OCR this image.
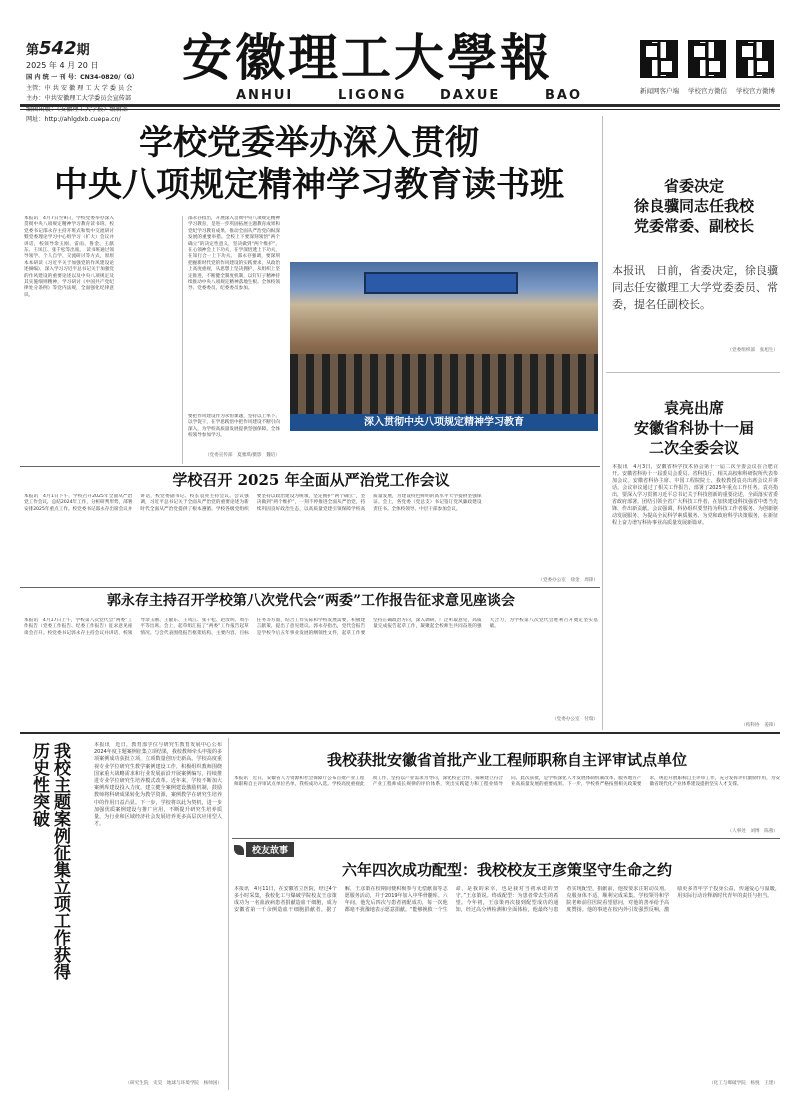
第542期
2025 年 4 月 20 日
国 内 统 一 刊 号：CN34-0820/（G）
主管：中 共 安 徽 理 工 大 学 委 员 会
主办：中共安徽理工大学委员会宣传部
网址：http://ahlgdxb.cuepa.cn/
安徽理工大學報
ANHUI	LIGONG	DAXUE	BAO	新闻网客户端 学校官方微信 学校官方微博
学校党委举办深入贯彻
中央八项规定精神学习教育读书班
本报讯　4月7日至9日，学校党委举办深入贯彻中央八项规定精神学习教育读书班。校党委书记邵永存主持开班式和集中交流研讨暨党委理论学习中心组学习（扩大）会议并讲话，校领导余玉刚、雷雨、鲁金、王献东、王凤江、张千松等出席。　读书班通过领导领学、个人自学、交流研讨等方式，原原本本研读《习近平关于加强党的作风建设论述摘编》，深入学习习近平总书记关于加强党的作风建设的重要论述以及中央八项规定及其实施细则精神，学习研讨《中国共产党纪律处分条例》等党内法规，全面强化纪律意识。
邵永存指出，开展深入贯彻中央八项规定精神学习教育，是进一步巩固拓展主题教育成果和党纪学习教育成果、推动全面从严治党向纵深发展的重要举措。全校上下要深刻领悟“两个确立”的决定性意义，坚决做到“两个维护”，在心领神会上下功夫，在学深悟透上下功夫，在知行合一上下功夫。　邵永存强调，要深刻把握新时代党的作风建设的实践要求，从政治上高度重视，从思想上坚决拥护，从组织上坚定推进，不断健全制度机制，以钉钉子精神持续推动中央八项规定精神落地生根。全体校领导、党委委员、纪委委员参加。
深入贯彻中央八项规定精神学习教育
要把作风建设作为永恒课题，坚持以上率下、以学促干，在学思践悟中把作风建设不断引向深入，为学校高质量发展提供坚强保障。全体校领导参加学习。
（党委宣传部　夏雅琪/摄影　魏培）
省委决定
徐良骥同志任我校
党委常委、副校长
本报讯　日前，省委决定，徐良骥同志任安徽理工大学党委委员、常委，提名任副校长。
（党委组织部　张旭生）
袁亮出席
安徽省科协十一届
二次全委会议
本报讯　4月3日，安徽省科学技术协会第十一届二次全委会议在合肥召开。安徽省科协十一届委员会委员、省科技厅、相关高校和科研院所代表参加会议。安徽省科协主席、中国工程院院士、我校教授袁亮出席会议并讲话。会议审议通过了相关工作报告，部署了2025年重点工作任务。袁亮指出，要深入学习贯彻习近平总书记关于科技创新的重要论述，全面落实省委省政府部署，团结引领全省广大科技工作者，在加快建设科技强省中勇当先锋、作出新贡献。会议强调，科协组织要坚持为科技工作者服务、为创新驱动发展服务、为提高全民科学素质服务、为党和政府科学决策服务，在新征程上奋力谱写科协事业高质量发展新篇章。
（校科协　姜锋）
学校召开 2025 年全面从严治党工作会议
本报讯　4月1日下午，学校召开2025年全面从严治党工作会议，总结2024年工作，分析研判形势，部署安排2025年重点工作。校党委书记邵永存出席会议并讲话，校党委副书记、校长袁亮主持会议。会议强调，习近平总书记关于全面从严治党的重要论述为新时代全面从严治党提供了根本遵循。学校各级党组织要坚持以政治建设为统领，坚定拥护“两个确立”，坚决做到“两个维护”，一刻不停推进全面从严治党，持续巩固良好政治生态，以高质量党建引领保障学校高质量发展，为建设特色鲜明的高水平大学提供坚强保证。会上，各党委（党总支）书记签订党风廉政建设责任书。全体校领导、中层干部参加会议。
（党委办公室　徐金　周锋）
郭永存主持召开学校第八次党代会“两委”工作报告征求意见座谈会
本报讯　4月17日上午，学校第八次党代会“两委”工作报告（党委工作报告、纪委工作报告）征求意见座谈会召开。校党委书记郭永存主持会议并讲话，校领导余玉刚、王献东、王凤江、张千松、赵汝明、周小平等出席。会上，起草组汇报了“两委”工作报告起草情况。与会代表围绕报告框架结构、主要内容、目标任务等方面，结合工作实际和学校发展需要，积极建言献策，提出了意见建议。郭永存指出，党代会报告是学校今后五年事业发展的纲领性文件，起草工作要坚持正确政治方向，深入调研、广泛听取意见，高质量完成报告起草工作，凝聚起全校师生共同奋进的强大合力，为学校第八次党代会胜利召开奠定坚实基础。
（党委办公室　付瑞）
我校主题案例征集立项工作获得历史性突破	本报讯　近日，教育部学位与研究生教育发展中心公布2024年度主题案例征集立项结果，我校教师牵头申报的多项案例成功获批立项，立项数量创历史新高。学校高度重视专业学位研究生教学案例建设工作，积极组织教师围绕国家重大战略需求和行业发展前沿开展案例编写，持续推进专业学位研究生培养模式改革。近年来，学校不断加大案例库建设投入力度，建立健全案例建设激励机制，鼓励教师将科研成果转化为教学资源，案例教学在研究生培养中的作用日益凸显。下一步，学校将以此为契机，进一步加强优质案例建设与推广应用，不断提升研究生培养质量，为行业和区域经济社会发展培养更多高层次应用型人才。
（研究生院　史昊　地球与环境学院　杨帅国）
我校获批安徽省首批产业工程师职称自主评审试点单位
本报讯　近日，安徽省人力资源和社会保障厅公布首批产业工程师职称自主评审试点单位名单，我校成功入选。学校高度重视此项工作，坚持以产业需求为导向，深化校企合作，探索建立符合产业工程师成长规律的评价体系，突出实践能力和工程业绩导向。此次获批，是学校深化人才发展体制机制改革、服务地方产业高质量发展的重要成果。下一步，学校将严格按照相关政策要求，规范开展职称自主评审工作，充分发挥评价激励作用，为安徽省现代化产业体系建设提供坚实人才支撑。
（人事处　刘博　陈燕）
校友故事
六年四次成功配型：我校校友王彦策坚守生命之约
本报讯　4月11日，在安徽省立医院，经过4个多小时采集，我校化工与爆破学院校友王彦策成功为一名血液病患者捐献造血干细胞，成为安徽省第一千余例造血干细胞捐献者。据了解，王彦策在校期间便积极参与无偿献血等志愿服务活动，并于2019年加入中华骨髓库。六年间，他先后四次与患者初配成功，每一次他都毫不犹豫地表示愿意捐献。“能够挽救一个生命，是我的荣幸，也是我对当初承诺的坚守。”王彦策说。终成配型：为患者带去生的希望。今年初，王彦策再次接到配型成功的通知，经过高分辨检测和全面体检，他最终与患者实现配型。捐献前，他按要求注射动员剂，克服身体不适，顺利完成采集。学校领导和学院老师前往医院看望慰问，对他的善举给予高度赞扬。他的事迹在校内外引发强烈反响，激励更多青年学子投身公益，传递爱心与温暖，用实际行动诠释新时代青年的责任与担当。
（化工与爆破学院　杨悦　王建）
